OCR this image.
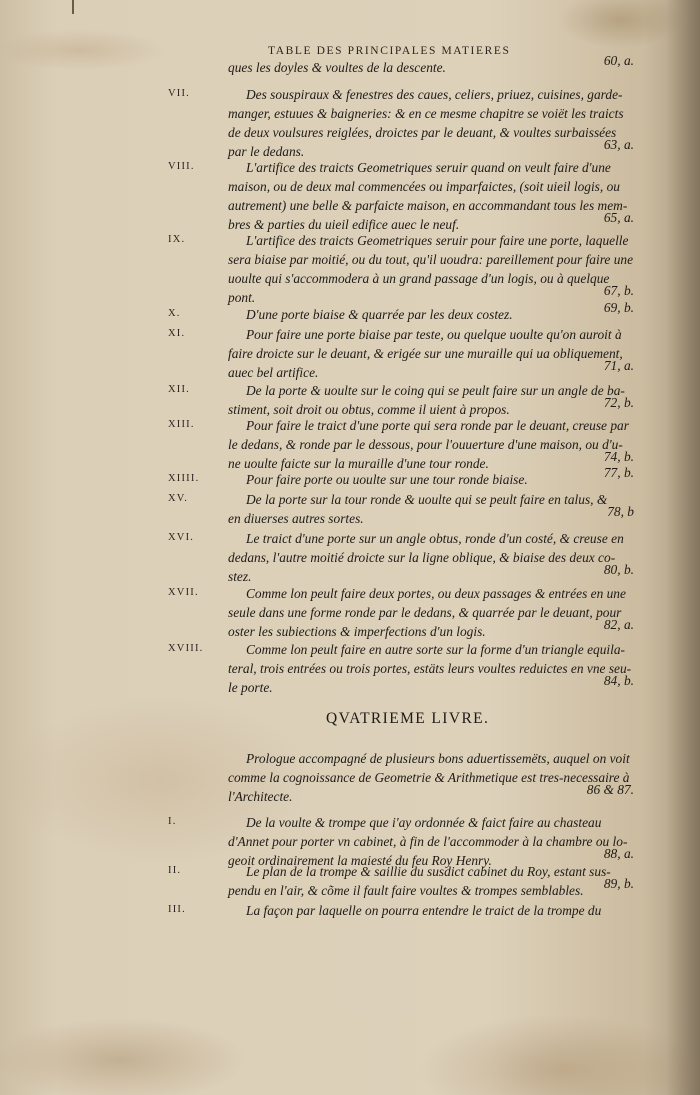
TABLE DES PRINCIPALES MATIERES
ques les doyles & voultes de la descente.	60, a.
VII.	Des souspiraux & fenestres des caues, celiers, priuez, cuisines, garde-
manger, estuues & baigneries: & en ce mesme chapitre se voiët les traicts
de deux voulsures reiglées, droictes par le deuant, & voultes surbaissées
par le dedans.	63, a.
VIII.	L'artifice des traicts Geometriques seruir quand on veult faire d'une
maison, ou de deux mal commencées ou imparfaictes, (soit uieil logis, ou
autrement) une belle & parfaicte maison, en accommandant tous les mem-
bres & parties du uieil edifice auec le neuf.	65, a.
IX.	L'artifice des traicts Geometriques seruir pour faire une porte, laquelle
sera biaise par moitié, ou du tout, qu'il uoudra: pareillement pour faire une
uoulte qui s'accommodera à un grand passage d'un logis, ou à quelque
pont.	67, b.
X.	D'une porte biaise & quarrée par les deux costez.	69, b.
XI.	Pour faire une porte biaise par teste, ou quelque uoulte qu'on auroit à
faire droicte sur le deuant, & erigée sur une muraille qui ua obliquement,
auec bel artifice.	71, a.
XII.	De la porte & uoulte sur le coing qui se peult faire sur un angle de ba-
stiment, soit droit ou obtus, comme il uient à propos.	72, b.
XIII.	Pour faire le traict d'une porte qui sera ronde par le deuant, creuse par
le dedans, & ronde par le dessous, pour l'ouuerture d'une maison, ou d'u-
ne uoulte faicte sur la muraille d'une tour ronde.	74, b.
XIIII.	Pour faire porte ou uoulte sur une tour ronde biaise.	77, b.
XV.	De la porte sur la tour ronde & uoulte qui se peult faire en talus, &
en diuerses autres sortes.	78, b
XVI.	Le traict d'une porte sur un angle obtus, ronde d'un costé, & creuse en
dedans, l'autre moitié droicte sur la ligne oblique, & biaise des deux co-
stez.	80, b.
XVII.	Comme lon peult faire deux portes, ou deux passages & entrées en une
seule dans une forme ronde par le dedans, & quarrée par le deuant, pour
oster les subiections & imperfections d'un logis.	82, a.
XVIII.	Comme lon peult faire en autre sorte sur la forme d'un triangle equila-
teral, trois entrées ou trois portes, estäts leurs voultes reduictes en vne seu-
le porte.	84, b.
Prologue accompagné de plusieurs bons aduertissemëts, auquel on voit
comme la cognoissance de Geometrie & Arithmetique est tres-necessaire à
l'Architecte.	86 & 87.
I.	De la voulte & trompe que i'ay ordonnée & faict faire au chasteau
d'Annet pour porter vn cabinet, à fin de l'accommoder à la chambre ou lo-
geoit ordinairement la maiesté du feu Roy Henry.	88, a.
II.	Le plan de la trompe & saillie du susdict cabinet du Roy, estant sus-
pendu en l'air, & cõme il fault faire voultes & trompes semblables.	89, b.
III.	La façon par laquelle on pourra entendre le traict de la trompe du
QVATRIEME LIVRE.
